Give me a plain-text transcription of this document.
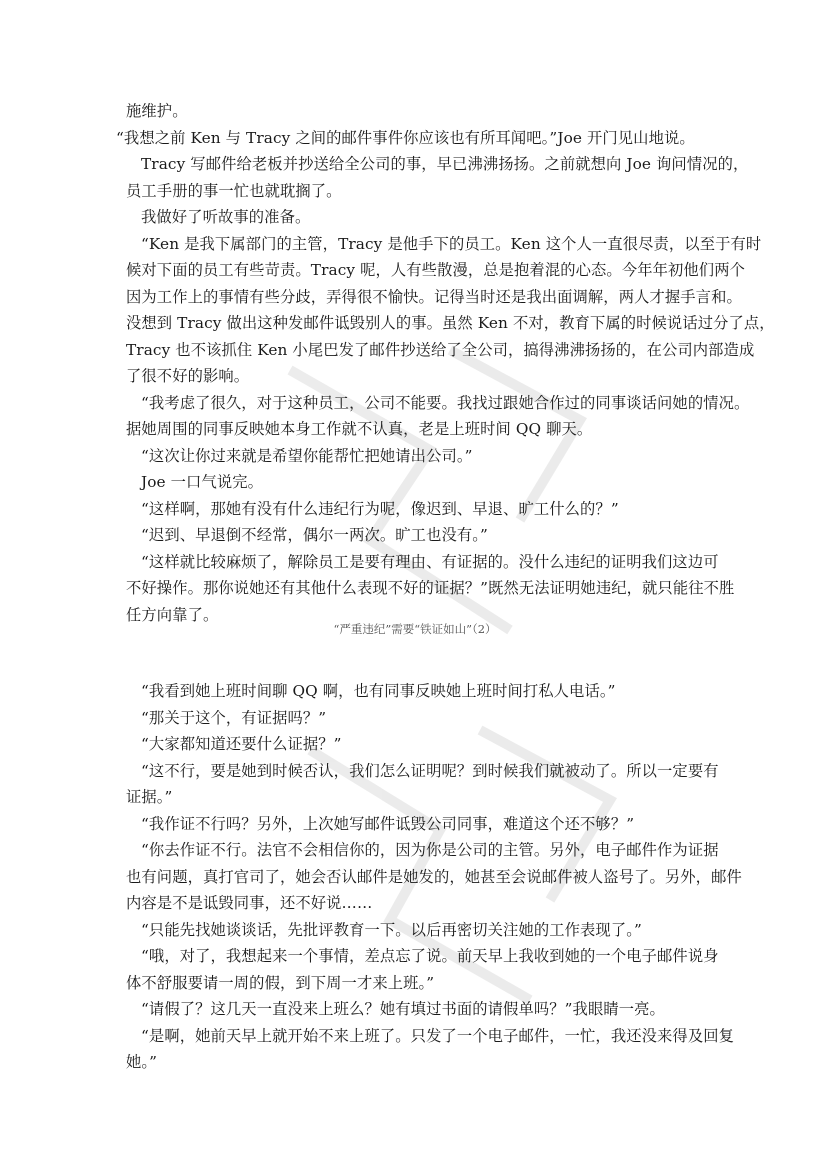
施维护。

“我想之前 Ken 与 Tracy 之间的邮件事件你应该也有所耳闻吧。”Joe 开门见山地说。

Tracy 写邮件给老板并抄送给全公司的事，早已沸沸扬扬。之前就想向 Joe 询问情况的，

员工手册的事一忙也就耽搁了。

我做好了听故事的准备。

“Ken 是我下属部门的主管，Tracy 是他手下的员工。Ken 这个人一直很尽责，以至于有时

候对下面的员工有些苛责。Tracy 呢，人有些散漫，总是抱着混的心态。今年年初他们两个

因为工作上的事情有些分歧，弄得很不愉快。记得当时还是我出面调解，两人才握手言和。

没想到 Tracy 做出这种发邮件诋毁别人的事。虽然 Ken 不对，教育下属的时候说话过分了点，

Tracy 也不该抓住 Ken 小尾巴发了邮件抄送给了全公司，搞得沸沸扬扬的，在公司内部造成

了很不好的影响。

“我考虑了很久，对于这种员工，公司不能要。我找过跟她合作过的同事谈话问她的情况。

据她周围的同事反映她本身工作就不认真，老是上班时间 QQ 聊天。

“这次让你过来就是希望你能帮忙把她请出公司。”

Joe 一口气说完。

“这样啊，那她有没有什么违纪行为呢，像迟到、早退、旷工什么的？”

“迟到、早退倒不经常，偶尔一两次。旷工也没有。”

“这样就比较麻烦了，解除员工是要有理由、有证据的。没什么违纪的证明我们这边可

不好操作。那你说她还有其他什么表现不好的证据？”既然无法证明她违纪，就只能往不胜

任方向靠了。

“严重违纪”需要“铁证如山”（2）

“我看到她上班时间聊 QQ 啊，也有同事反映她上班时间打私人电话。”

“那关于这个，有证据吗？”

“大家都知道还要什么证据？”

“这不行，要是她到时候否认，我们怎么证明呢？到时候我们就被动了。所以一定要有

证据。”

“我作证不行吗？另外，上次她写邮件诋毁公司同事，难道这个还不够？”

“你去作证不行。法官不会相信你的，因为你是公司的主管。另外，电子邮件作为证据

也有问题，真打官司了，她会否认邮件是她发的，她甚至会说邮件被人盗号了。另外，邮件

内容是不是诋毁同事，还不好说……

“只能先找她谈谈话，先批评教育一下。以后再密切关注她的工作表现了。”

“哦，对了，我想起来一个事情，差点忘了说。前天早上我收到她的一个电子邮件说身

体不舒服要请一周的假，到下周一才来上班。”

“请假了？这几天一直没来上班么？她有填过书面的请假单吗？”我眼睛一亮。

“是啊，她前天早上就开始不来上班了。只发了一个电子邮件，一忙，我还没来得及回复

她。”
